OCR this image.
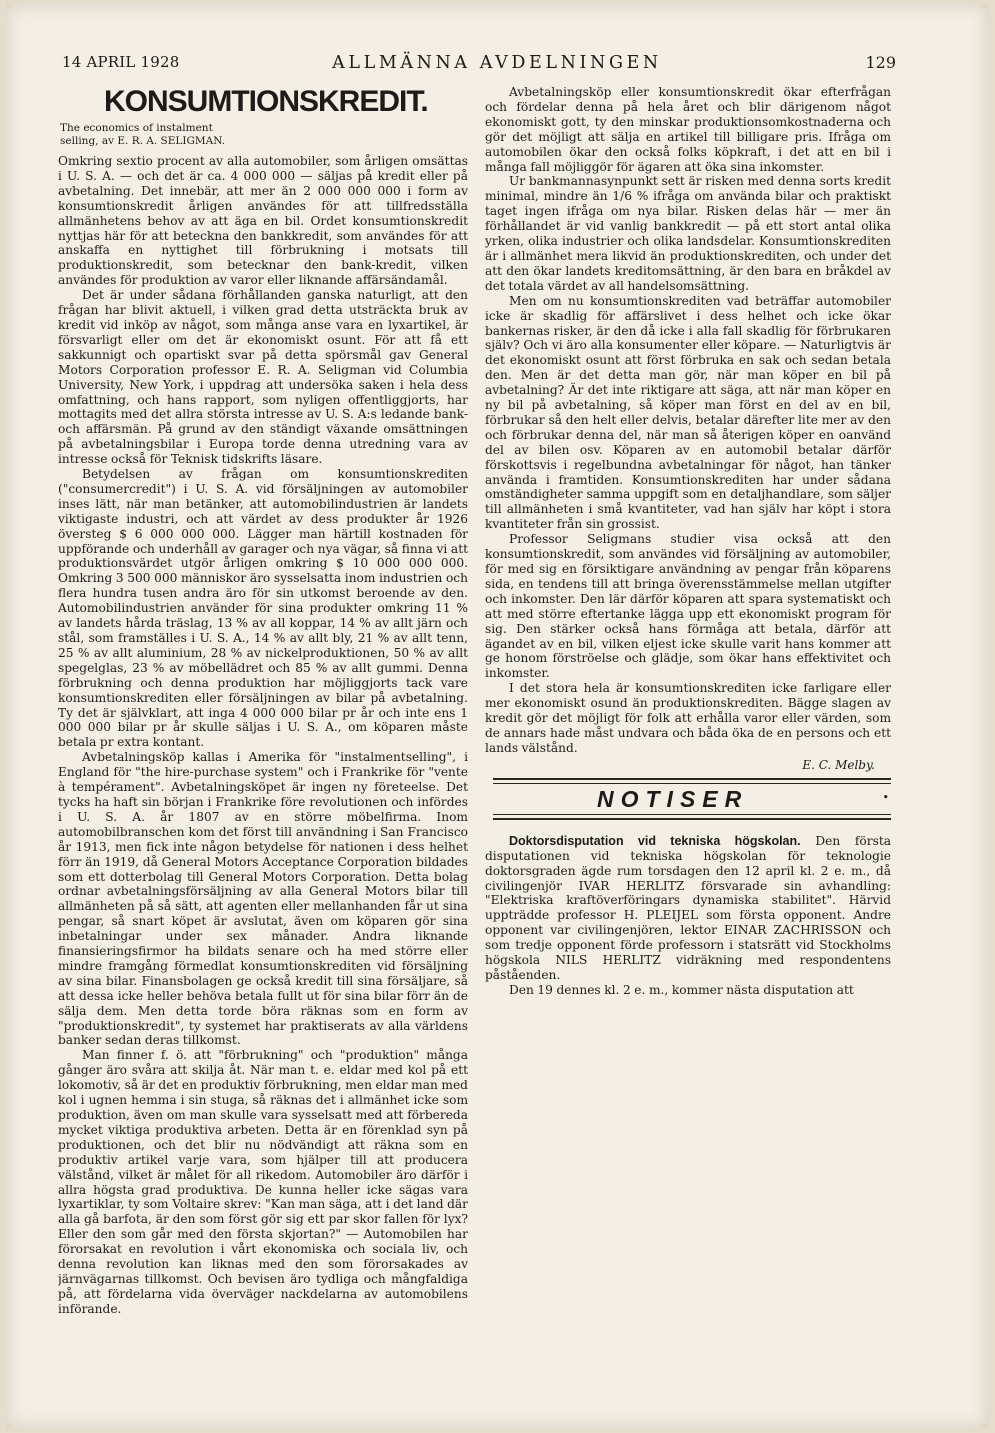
14 APRIL 1928	ALLMÄNNA AVDELNINGEN	129
KONSUMTIONSKREDIT.
The economics of instalment
selling, av E. R. A. SELIGMAN.

Omkring sextio procent av alla automobiler, som årligen omsättas i U. S. A. — och det är ca. 4 000 000 — säljas på kredit eller på avbetalning. Det innebär, att mer än 2 000 000 000 i form av konsumtionskredit årligen användes för att tillfredsställa allmänhetens behov av att äga en bil. Ordet konsumtionskredit nyttjas här för att beteckna den bankkredit, som användes för att anskaffa en nyttighet till förbrukning i motsats till produktionskredit, som betecknar den bank-kredit, vilken användes för produktion av varor eller liknande affärsändamål.

Det är under sådana förhållanden ganska naturligt, att den frågan har blivit aktuell, i vilken grad detta utsträckta bruk av kredit vid inköp av något, som många anse vara en lyxartikel, är försvarligt eller om det är ekonomiskt osunt. För att få ett sakkunnigt och opartiskt svar på detta spörsmål gav General Motors Corporation professor E. R. A. Seligman vid Columbia University, New York, i uppdrag att undersöka saken i hela dess omfattning, och hans rapport, som nyligen offentliggjorts, har mottagits med det allra största intresse av U. S. A:s ledande bank- och affärsmän. På grund av den ständigt växande omsättningen på avbetalningsbilar i Europa torde denna utredning vara av intresse också för Teknisk tidskrifts läsare.

Betydelsen av frågan om konsumtionskrediten ("consumercredit") i U. S. A. vid försäljningen av automobiler inses lätt, när man betänker, att automobilindustrien är landets viktigaste industri, och att värdet av dess produkter år 1926 översteg $ 6 000 000 000. Lägger man härtill kostnaden för uppförande och underhåll av garager och nya vägar, så finna vi att produktionsvärdet utgör årligen omkring $ 10 000 000 000. Omkring 3 500 000 människor äro sysselsatta inom industrien och flera hundra tusen andra äro för sin utkomst beroende av den. Automobilindustrien använder för sina produkter omkring 11 % av landets hårda träslag, 13 % av all koppar, 14 % av allt järn och stål, som framställes i U. S. A., 14 % av allt bly, 21 % av allt tenn, 25 % av allt aluminium, 28 % av nickelproduktionen, 50 % av allt spegelglas, 23 % av möbellädret och 85 % av allt gummi. Denna förbrukning och denna produktion har möjliggjorts tack vare konsumtionskrediten eller försäljningen av bilar på avbetalning. Ty det är självklart, att inga 4 000 000 bilar pr år och inte ens 1 000 000 bilar pr år skulle säljas i U. S. A., om köparen måste betala pr extra kontant.

Avbetalningsköp kallas i Amerika för "instalmentselling", i England för "the hire-purchase system" och i Frankrike för "vente à tempérament". Avbetalningsköpet är ingen ny företeelse. Det tycks ha haft sin början i Frankrike före revolutionen och infördes i U. S. A. år 1807 av en större möbelfirma. Inom automobilbranschen kom det först till användning i San Francisco år 1913, men fick inte någon betydelse för nationen i dess helhet förr än 1919, då General Motors Acceptance Corporation bildades som ett dotterbolag till General Motors Corporation. Detta bolag ordnar avbetalningsförsäljning av alla General Motors bilar till allmänheten på så sätt, att agenten eller mellanhanden får ut sina pengar, så snart köpet är avslutat, även om köparen gör sina inbetalningar under sex månader. Andra liknande finansieringsfirmor ha bildats senare och ha med större eller mindre framgång förmedlat konsumtionskrediten vid försäljning av sina bilar. Finansbolagen ge också kredit till sina försäljare, så att dessa icke heller behöva betala fullt ut för sina bilar förr än de sälja dem. Men detta torde böra räknas som en form av "produktionskredit", ty systemet har praktiserats av alla världens banker sedan deras tillkomst.

Man finner f. ö. att "förbrukning" och "produktion" många gånger äro svåra att skilja åt. När man t. e. eldar med kol på ett lokomotiv, så är det en produktiv förbrukning, men eldar man med kol i ugnen hemma i sin stuga, så räknas det i allmänhet icke som produktion, även om man skulle vara sysselsatt med att förbereda mycket viktiga produktiva arbeten. Detta är en förenklad syn på produktionen, och det blir nu nödvändigt att räkna som en produktiv artikel varje vara, som hjälper till att producera välstånd, vilket är målet för all rikedom. Automobiler äro därför i allra högsta grad produktiva. De kunna heller icke sägas vara lyxartiklar, ty som Voltaire skrev: "Kan man säga, att i det land där alla gå barfota, är den som först gör sig ett par skor fallen för lyx? Eller den som går med den första skjortan?" — Automobilen har förorsakat en revolution i vårt ekonomiska och sociala liv, och denna revolution kan liknas med den som förorsakades av järnvägarnas tillkomst. Och bevisen äro tydliga och mångfaldiga på, att fördelarna vida överväger nackdelarna av automobilens införande.

Avbetalningsköp eller konsumtionskredit ökar efterfrågan och fördelar denna på hela året och blir därigenom något ekonomiskt gott, ty den minskar produktionsomkostnaderna och gör det möjligt att sälja en artikel till billigare pris. Ifråga om automobilen ökar den också folks köpkraft, i det att en bil i många fall möjliggör för ägaren att öka sina inkomster.

Ur bankmannasynpunkt sett är risken med denna sorts kredit minimal, mindre än 1/6 % ifråga om använda bilar och praktiskt taget ingen ifråga om nya bilar. Risken delas här — mer än förhållandet är vid vanlig bankkredit — på ett stort antal olika yrken, olika industrier och olika landsdelar. Konsumtionskrediten är i allmänhet mera likvid än produktionskrediten, och under det att den ökar landets kreditomsättning, är den bara en bråkdel av det totala värdet av all handelsomsättning.

Men om nu konsumtionskrediten vad beträffar automobiler icke är skadlig för affärslivet i dess helhet och icke ökar bankernas risker, är den då icke i alla fall skadlig för förbrukaren själv? Och vi äro alla konsumenter eller köpare. — Naturligtvis är det ekonomiskt osunt att först förbruka en sak och sedan betala den. Men är det detta man gör, när man köper en bil på avbetalning? Är det inte riktigare att säga, att när man köper en ny bil på avbetalning, så köper man först en del av en bil, förbrukar så den helt eller delvis, betalar därefter lite mer av den och förbrukar denna del, när man så återigen köper en oanvänd del av bilen osv. Köparen av en automobil betalar därför förskottsvis i regelbundna avbetalningar för något, han tänker använda i framtiden. Konsumtionskrediten har under sådana omständigheter samma uppgift som en detaljhandlare, som säljer till allmänheten i små kvantiteter, vad han själv har köpt i stora kvantiteter från sin grossist.

Professor Seligmans studier visa också att den konsumtionskredit, som användes vid försäljning av automobiler, för med sig en försiktigare användning av pengar från köparens sida, en tendens till att bringa överensstämmelse mellan utgifter och inkomster. Den lär därför köparen att spara systematiskt och att med större eftertanke lägga upp ett ekonomiskt program för sig. Den stärker också hans förmåga att betala, därför att ägandet av en bil, vilken eljest icke skulle varit hans kommer att ge honom förströelse och glädje, som ökar hans effektivitet och inkomster.

I det stora hela är konsumtionskrediten icke farligare eller mer ekonomiskt osund än produktionskrediten. Bägge slagen av kredit gör det möjligt för folk att erhålla varor eller värden, som de annars hade måst undvara och båda öka de en persons och ett lands välstånd.

E. C. Melby.
NOTISER	•

Doktorsdisputation vid tekniska högskolan. Den första disputationen vid tekniska högskolan för teknologie doktorsgraden ägde rum torsdagen den 12 april kl. 2 e. m., då civilingenjör IVAR HERLITZ försvarade sin avhandling: "Elektriska kraftöverföringars dynamiska stabilitet". Härvid uppträdde professor H. PLEIJEL som första opponent. Andre opponent var civilingenjören, lektor EINAR ZACHRISSON och som tredje opponent förde professorn i statsrätt vid Stockholms högskola NILS HERLITZ vidräkning med respondentens påståenden.

Den 19 dennes kl. 2 e. m., kommer nästa disputation att
